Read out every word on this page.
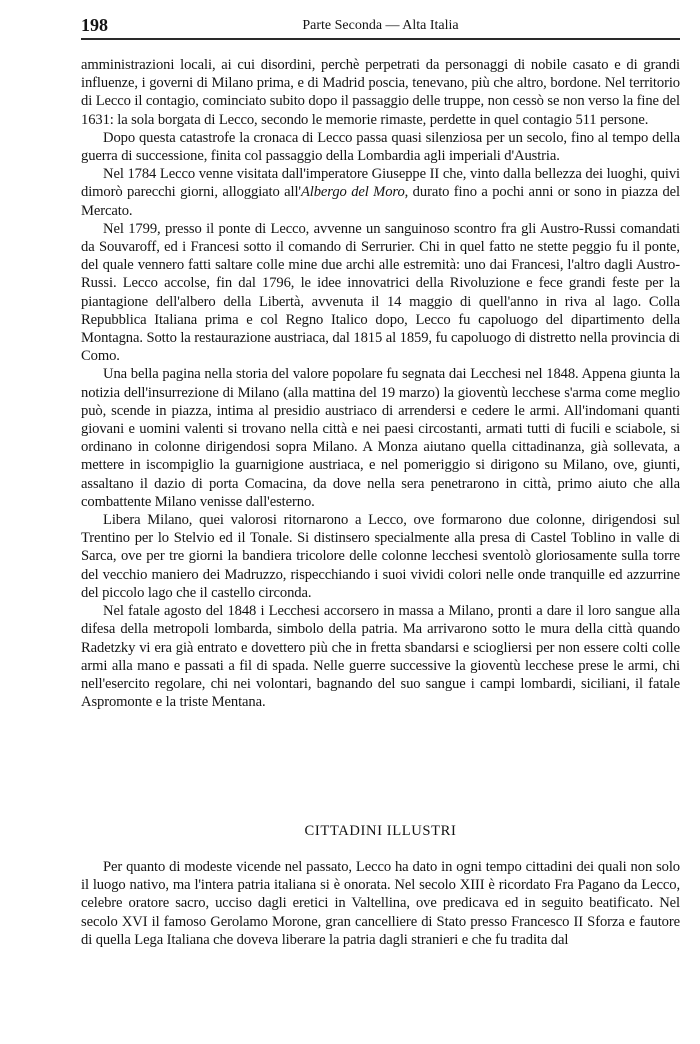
198	Parte Seconda — Alta Italia

amministrazioni locali, ai cui disordini, perchè perpetrati da personaggi di nobile casato e di grandi influenze, i governi di Milano prima, e di Madrid poscia, tenevano, più che altro, bordone. Nel territorio di Lecco il contagio, cominciato subito dopo il passaggio delle truppe, non cessò se non verso la fine del 1631: la sola borgata di Lecco, secondo le memorie rimaste, perdette in quel contagio 511 persone.

Dopo questa catastrofe la cronaca di Lecco passa quasi silenziosa per un secolo, fino al tempo della guerra di successione, finita col passaggio della Lombardia agli imperiali d'Austria.

Nel 1784 Lecco venne visitata dall'imperatore Giuseppe II che, vinto dalla bellezza dei luoghi, quivi dimorò parecchi giorni, alloggiato all'Albergo del Moro, durato fino a pochi anni or sono in piazza del Mercato.

Nel 1799, presso il ponte di Lecco, avvenne un sanguinoso scontro fra gli Austro-Russi comandati da Souvaroff, ed i Francesi sotto il comando di Serrurier. Chi in quel fatto ne stette peggio fu il ponte, del quale vennero fatti saltare colle mine due archi alle estremità: uno dai Francesi, l'altro dagli Austro-Russi. Lecco accolse, fin dal 1796, le idee innovatrici della Rivoluzione e fece grandi feste per la piantagione dell'albero della Libertà, avvenuta il 14 maggio di quell'anno in riva al lago. Colla Repubblica Italiana prima e col Regno Italico dopo, Lecco fu capoluogo del dipartimento della Montagna. Sotto la restaurazione austriaca, dal 1815 al 1859, fu capoluogo di distretto nella provincia di Como.

Una bella pagina nella storia del valore popolare fu segnata dai Lecchesi nel 1848. Appena giunta la notizia dell'insurrezione di Milano (alla mattina del 19 marzo) la gioventù lecchese s'arma come meglio può, scende in piazza, intima al presidio austriaco di arrendersi e cedere le armi. All'indomani quanti giovani e uomini valenti si trovano nella città e nei paesi circostanti, armati tutti di fucili e sciabole, si ordinano in colonne dirigendosi sopra Milano. A Monza aiutano quella cittadinanza, già sollevata, a mettere in iscompiglio la guarnigione austriaca, e nel pomeriggio si dirigono su Milano, ove, giunti, assaltano il dazio di porta Comacina, da dove nella sera penetrarono in città, primo aiuto che alla combattente Milano venisse dall'esterno.

Libera Milano, quei valorosi ritornarono a Lecco, ove formarono due colonne, dirigendosi sul Trentino per lo Stelvio ed il Tonale. Si distinsero specialmente alla presa di Castel Toblino in valle di Sarca, ove per tre giorni la bandiera tricolore delle colonne lecchesi sventolò gloriosamente sulla torre del vecchio maniero dei Madruzzo, rispecchiando i suoi vividi colori nelle onde tranquille ed azzurrine del piccolo lago che il castello circonda.

Nel fatale agosto del 1848 i Lecchesi accorsero in massa a Milano, pronti a dare il loro sangue alla difesa della metropoli lombarda, simbolo della patria. Ma arrivarono sotto le mura della città quando Radetzky vi era già entrato e dovettero più che in fretta sbandarsi e sciogliersi per non essere colti colle armi alla mano e passati a fil di spada. Nelle guerre successive la gioventù lecchese prese le armi, chi nell'esercito regolare, chi nei volontari, bagnando del suo sangue i campi lombardi, siciliani, il fatale Aspromonte e la triste Mentana.

CITTADINI ILLUSTRI

Per quanto di modeste vicende nel passato, Lecco ha dato in ogni tempo cittadini dei quali non solo il luogo nativo, ma l'intera patria italiana si è onorata. Nel secolo XIII è ricordato Fra Pagano da Lecco, celebre oratore sacro, ucciso dagli eretici in Valtellina, ove predicava ed in seguito beatificato. Nel secolo XVI il famoso Gerolamo Morone, gran cancelliere di Stato presso Francesco II Sforza e fautore di quella Lega Italiana che doveva liberare la patria dagli stranieri e che fu tradita dal
